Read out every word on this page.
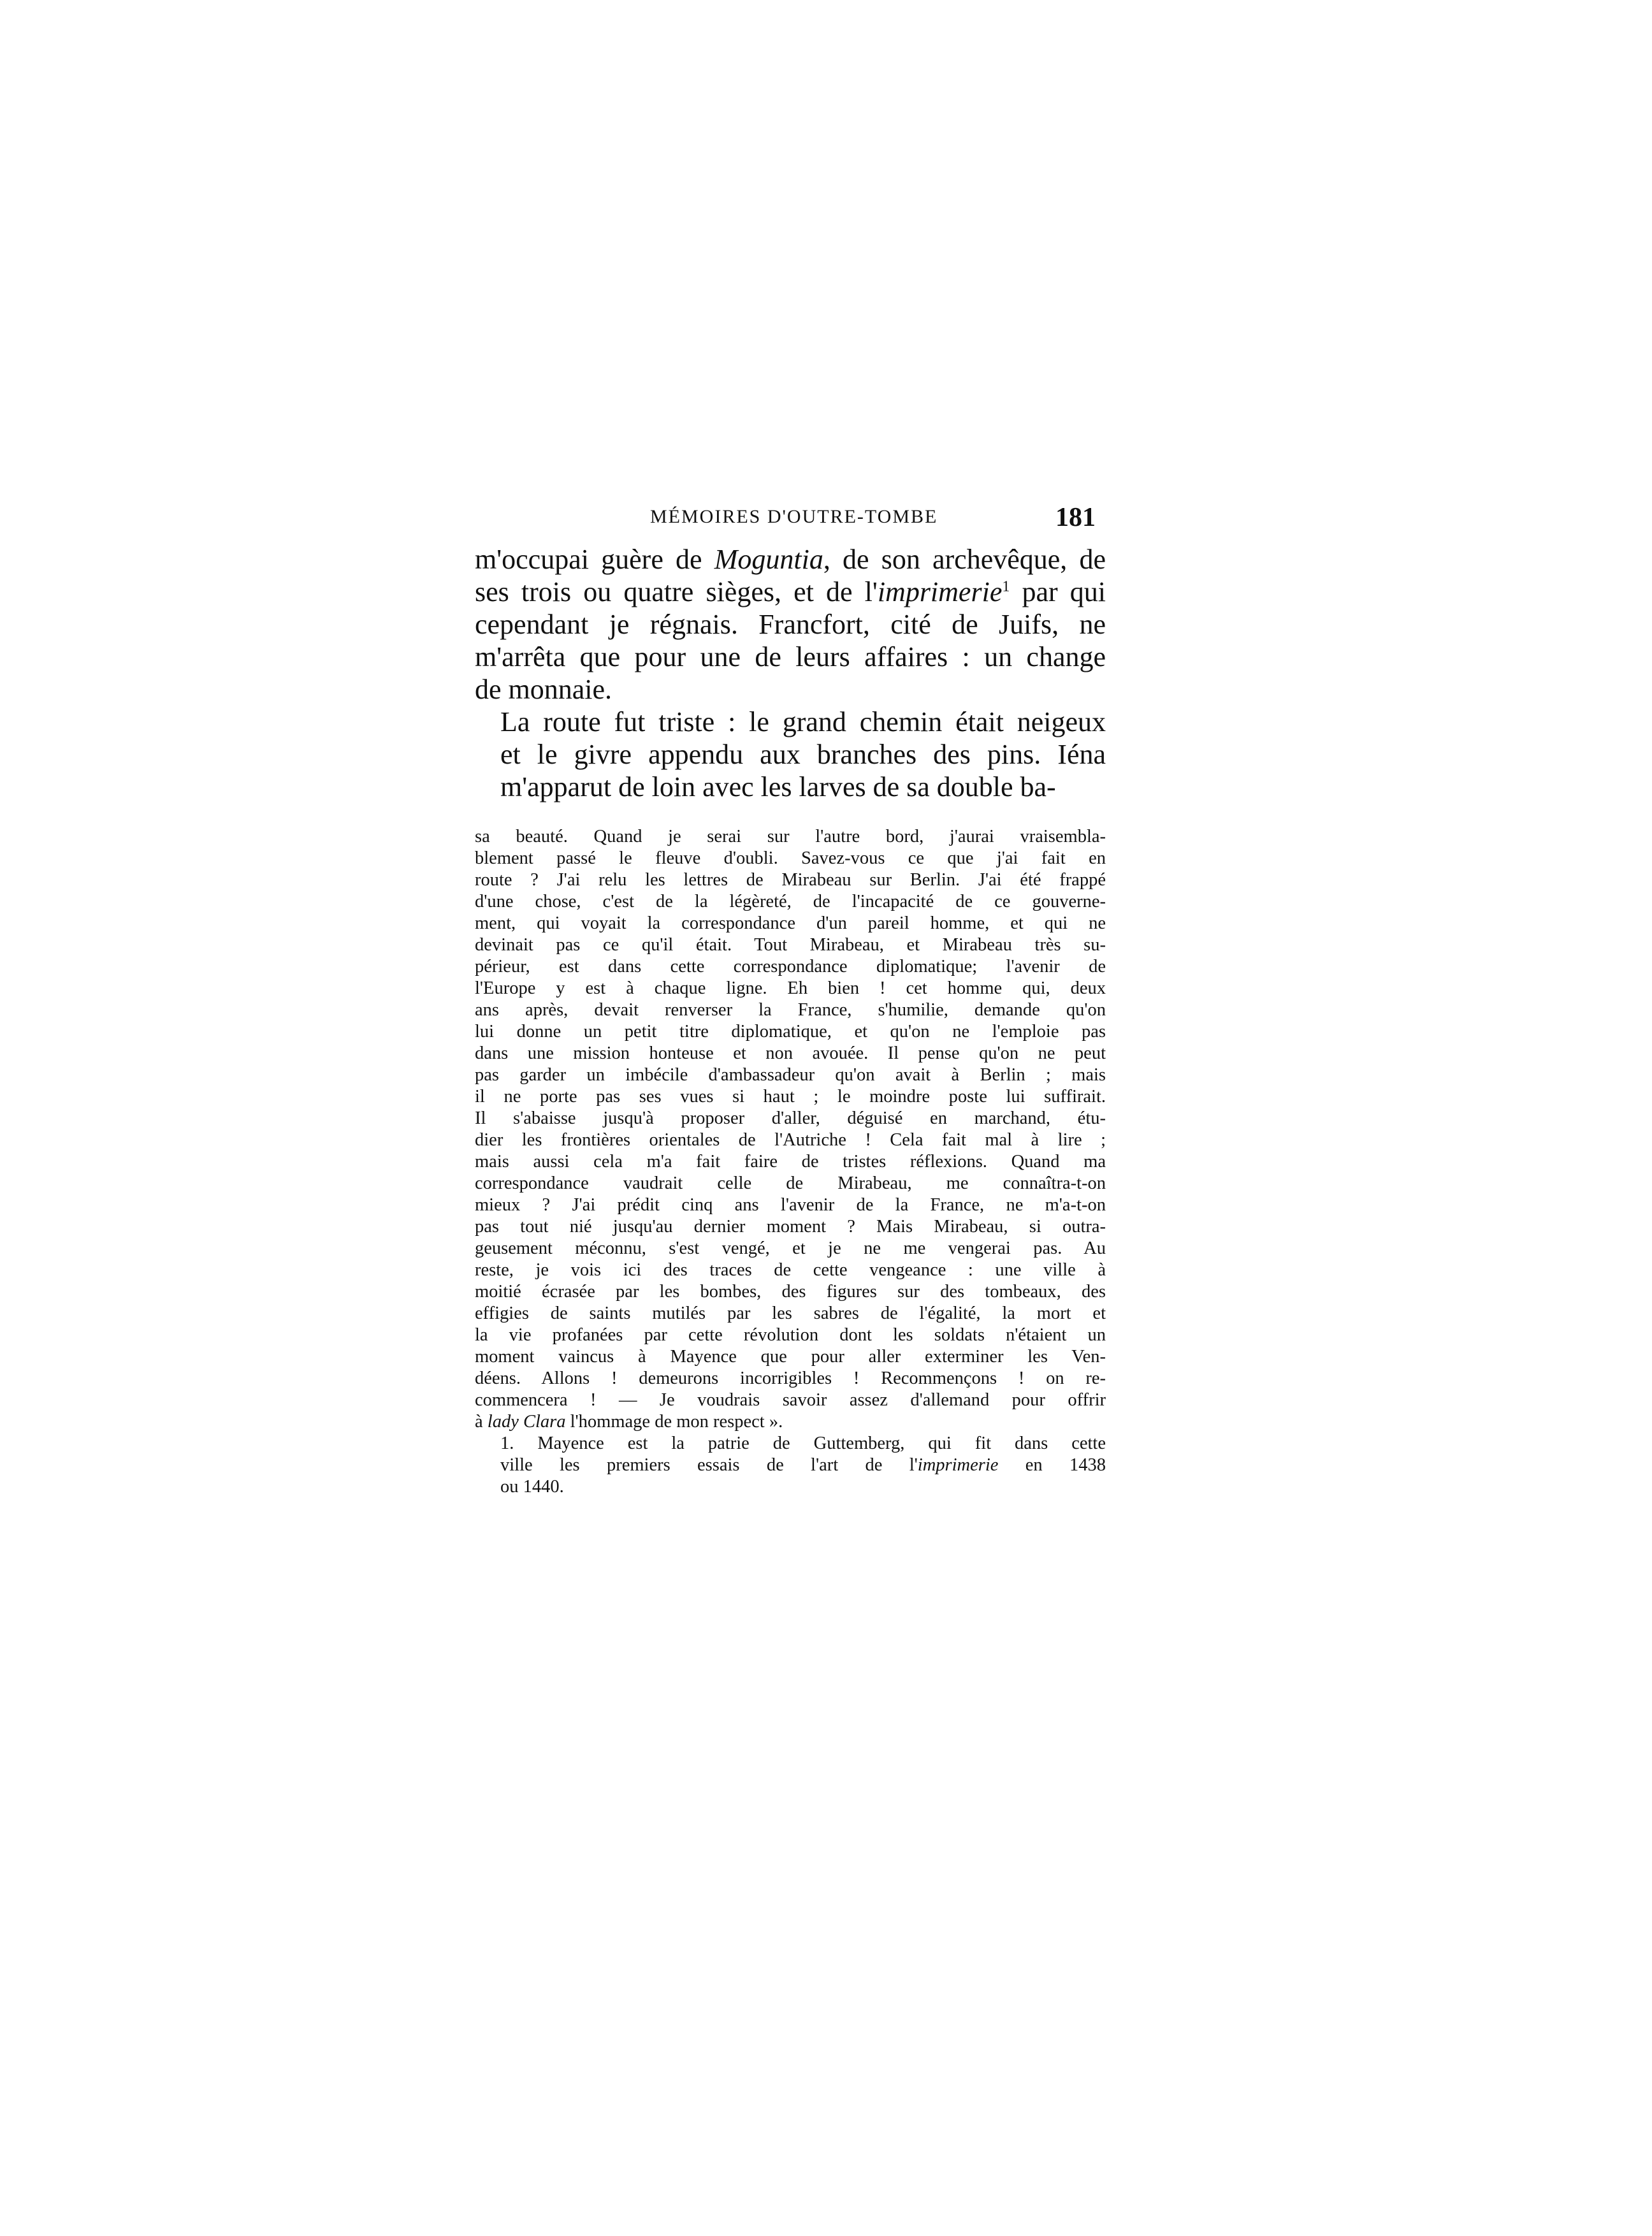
MÉMOIRES D'OUTRE-TOMBE	181

m'occupai guère de Moguntia, de son archevêque, de
ses trois ou quatre sièges, et de l'imprimerie$^1$ par qui
cependant je régnais. Francfort, cité de Juifs, ne
m'arrêta que pour une de leurs affaires : un change
de monnaie.

La route fut triste : le grand chemin était neigeux
et le givre appendu aux branches des pins. Iéna
m'apparut de loin avec les larves de sa double ba-

sa beauté. Quand je serai sur l'autre bord, j'aurai vraisembla-
blement passé le fleuve d'oubli. Savez-vous ce que j'ai fait en
route ? J'ai relu les lettres de Mirabeau sur Berlin. J'ai été frappé
d'une chose, c'est de la légèreté, de l'incapacité de ce gouverne-
ment, qui voyait la correspondance d'un pareil homme, et qui ne
devinait pas ce qu'il était. Tout Mirabeau, et Mirabeau très su-
périeur, est dans cette correspondance diplomatique; l'avenir de
l'Europe y est à chaque ligne. Eh bien ! cet homme qui, deux
ans après, devait renverser la France, s'humilie, demande qu'on
lui donne un petit titre diplomatique, et qu'on ne l'emploie pas
dans une mission honteuse et non avouée. Il pense qu'on ne peut
pas garder un imbécile d'ambassadeur qu'on avait à Berlin ; mais
il ne porte pas ses vues si haut ; le moindre poste lui suffirait.
Il s'abaisse jusqu'à proposer d'aller, déguisé en marchand, étu-
dier les frontières orientales de l'Autriche ! Cela fait mal à lire ;
mais aussi cela m'a fait faire de tristes réflexions. Quand ma
correspondance vaudrait celle de Mirabeau, me connaîtra-t-on
mieux ? J'ai prédit cinq ans l'avenir de la France, ne m'a-t-on
pas tout nié jusqu'au dernier moment ? Mais Mirabeau, si outra-
geusement méconnu, s'est vengé, et je ne me vengerai pas. Au
reste, je vois ici des traces de cette vengeance : une ville à
moitié écrasée par les bombes, des figures sur des tombeaux, des
effigies de saints mutilés par les sabres de l'égalité, la mort et
la vie profanées par cette révolution dont les soldats n'étaient un
moment vaincus à Mayence que pour aller exterminer les Ven-
déens. Allons ! demeurons incorrigibles ! Recommençons ! on re-
commencera ! — Je voudrais savoir assez d'allemand pour offrir
à lady Clara l'hommage de mon respect ».

1. Mayence est la patrie de Guttemberg, qui fit dans cette
ville les premiers essais de l'art de l'imprimerie en 1438
ou 1440.
